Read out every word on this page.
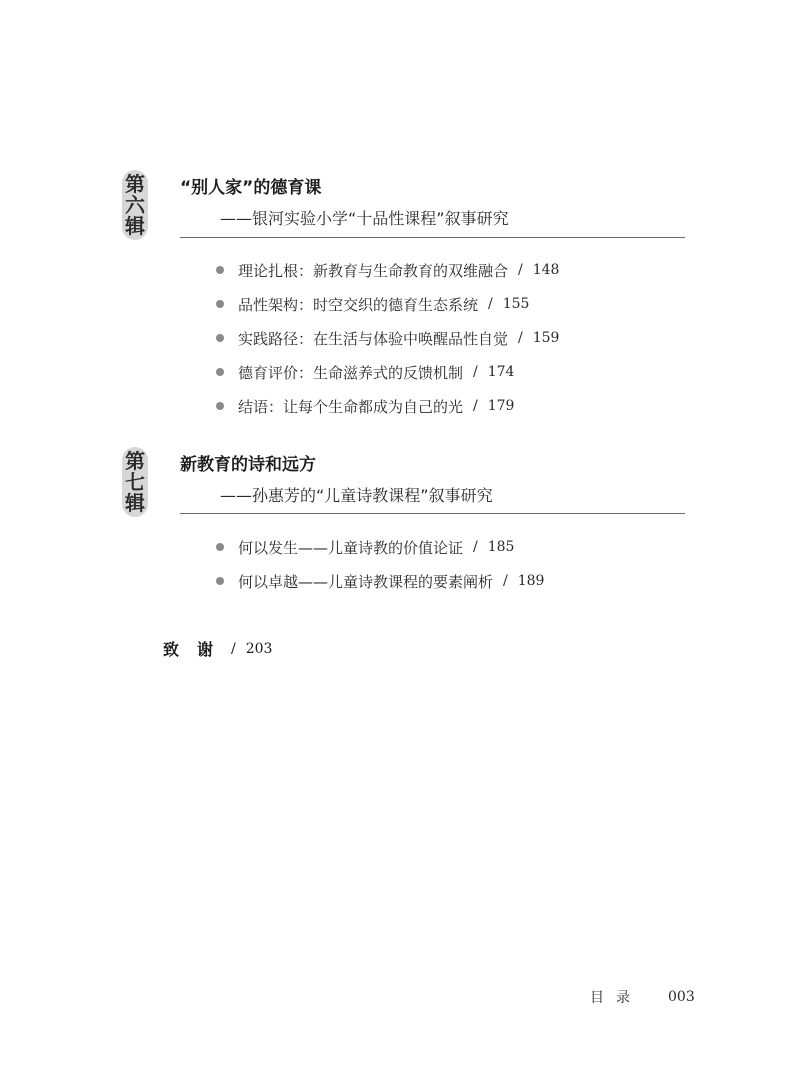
第
六
辑
“别人家”的德育课
——银河实验小学“十品性课程”叙事研究
理论扎根：新教育与生命教育的双维融合 / 148
品性架构：时空交织的德育生态系统 / 155
实践路径：在生活与体验中唤醒品性自觉 / 159
德育评价：生命滋养式的反馈机制 / 174
结语：让每个生命都成为自己的光 / 179
第
七
辑
新教育的诗和远方
——孙惠芳的“儿童诗教课程”叙事研究
何以发生——儿童诗教的价值论证 / 185
何以卓越——儿童诗教课程的要素阐析 / 189
致谢 / 203
目录 003
